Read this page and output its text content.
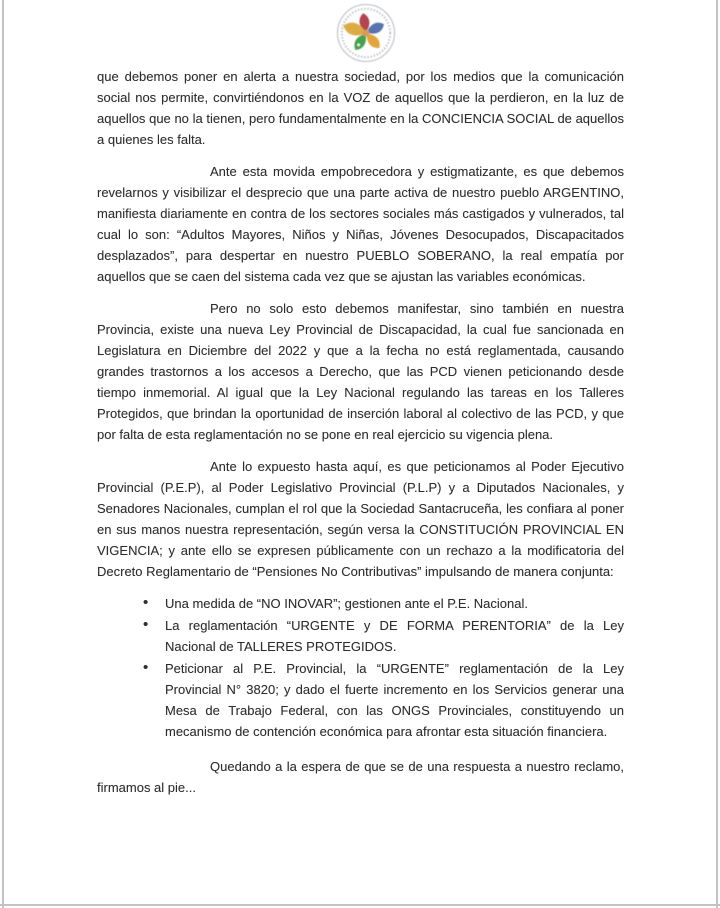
que debemos poner en alerta a nuestra sociedad, por los medios que la comunicación social nos permite, convirtiéndonos en la VOZ de aquellos que la perdieron, en la luz de aquellos que no la tienen, pero fundamentalmente en la CONCIENCIA SOCIAL de aquellos a quienes les falta.

Ante esta movida empobrecedora y estigmatizante, es que debemos revelarnos y visibilizar el desprecio que una parte activa de nuestro pueblo ARGENTINO, manifiesta diariamente en contra de los sectores sociales más castigados y vulnerados, tal cual lo son: “Adultos Mayores, Niños y Niñas, Jóvenes Desocupados, Discapacitados desplazados”, para despertar en nuestro PUEBLO SOBERANO, la real empatía por aquellos que se caen del sistema cada vez que se ajustan las variables económicas.

Pero no solo esto debemos manifestar, sino también en nuestra Provincia, existe una nueva Ley Provincial de Discapacidad, la cual fue sancionada en Legislatura en Diciembre del 2022 y que a la fecha no está reglamentada, causando grandes trastornos a los accesos a Derecho, que las PCD vienen peticionando desde tiempo inmemorial. Al igual que la Ley Nacional regulando las tareas en los Talleres Protegidos, que brindan la oportunidad de inserción laboral al colectivo de las PCD, y que por falta de esta reglamentación no se pone en real ejercicio su vigencia plena.

Ante lo expuesto hasta aquí, es que peticionamos al Poder Ejecutivo Provincial (P.E.P), al Poder Legislativo Provincial (P.L.P) y a Diputados Nacionales, y Senadores Nacionales, cumplan el rol que la Sociedad Santacruceña, les confiara al poner en sus manos nuestra representación, según versa la CONSTITUCIÓN PROVINCIAL EN VIGENCIA; y ante ello se expresen públicamente con un rechazo a la modificatoria del Decreto Reglamentario de “Pensiones No Contributivas” impulsando de manera conjunta:

• Una medida de “NO INOVAR”; gestionen ante el P.E. Nacional.
• La reglamentación “URGENTE y DE FORMA PERENTORIA” de la Ley Nacional de TALLERES PROTEGIDOS.
• Peticionar al P.E. Provincial, la “URGENTE” reglamentación de la Ley Provincial N° 3820; y dado el fuerte incremento en los Servicios generar una Mesa de Trabajo Federal, con las ONGS Provinciales, constituyendo un mecanismo de contención económica para afrontar esta situación financiera.

Quedando a la espera de que se de una respuesta a nuestro reclamo, firmamos al pie...
